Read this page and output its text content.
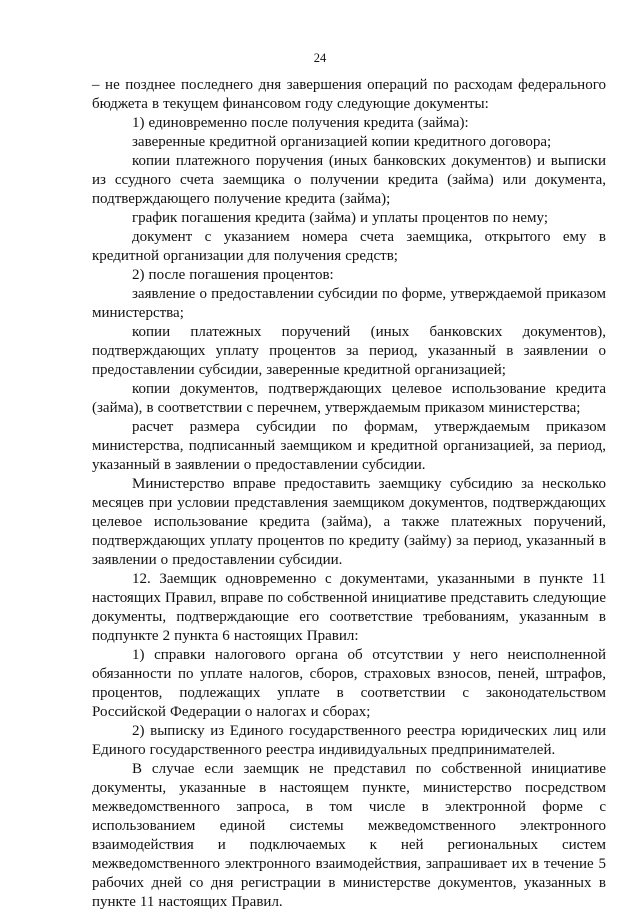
24

– не позднее последнего дня завершения операций по расходам федерального бюджета в текущем финансовом году следующие документы:

1) единовременно после получения кредита (займа):

заверенные кредитной организацией копии кредитного договора;

копии платежного поручения (иных банковских документов) и выписки из ссудного счета заемщика о получении кредита (займа) или документа, подтверждающего получение кредита (займа);

график погашения кредита (займа) и уплаты процентов по нему;

документ с указанием номера счета заемщика, открытого ему в кредитной организации для получения средств;

2) после погашения процентов:

заявление о предоставлении субсидии по форме, утверждаемой приказом министерства;

копии платежных поручений (иных банковских документов), подтверждающих уплату процентов за период, указанный в заявлении о предоставлении субсидии, заверенные кредитной организацией;

копии документов, подтверждающих целевое использование кредита (займа), в соответствии с перечнем, утверждаемым приказом министерства;

расчет размера субсидии по формам, утверждаемым приказом министерства, подписанный заемщиком и кредитной организацией, за период, указанный в заявлении о предоставлении субсидии.

Министерство вправе предоставить заемщику субсидию за несколько месяцев при условии представления заемщиком документов, подтверждающих целевое использование кредита (займа), а также платежных поручений, подтверждающих уплату процентов по кредиту (займу) за период, указанный в заявлении о предоставлении субсидии.

12. Заемщик одновременно с документами, указанными в пункте 11 настоящих Правил, вправе по собственной инициативе представить следующие документы, подтверждающие его соответствие требованиям, указанным в подпункте 2 пункта 6 настоящих Правил:

1) справки налогового органа об отсутствии у него неисполненной обязанности по уплате налогов, сборов, страховых взносов, пеней, штрафов, процентов, подлежащих уплате в соответствии с законодательством Российской Федерации о налогах и сборах;

2) выписку из Единого государственного реестра юридических лиц или Единого государственного реестра индивидуальных предпринимателей.

В случае если заемщик не представил по собственной инициативе документы, указанные в настоящем пункте, министерство посредством межведомственного запроса, в том числе в электронной форме с использованием единой системы межведомственного электронного взаимодействия и подключаемых к ней региональных систем межведомственного электронного взаимодействия, запрашивает их в течение 5 рабочих дней со дня регистрации в министерстве документов, указанных в пункте 11 настоящих Правил.
